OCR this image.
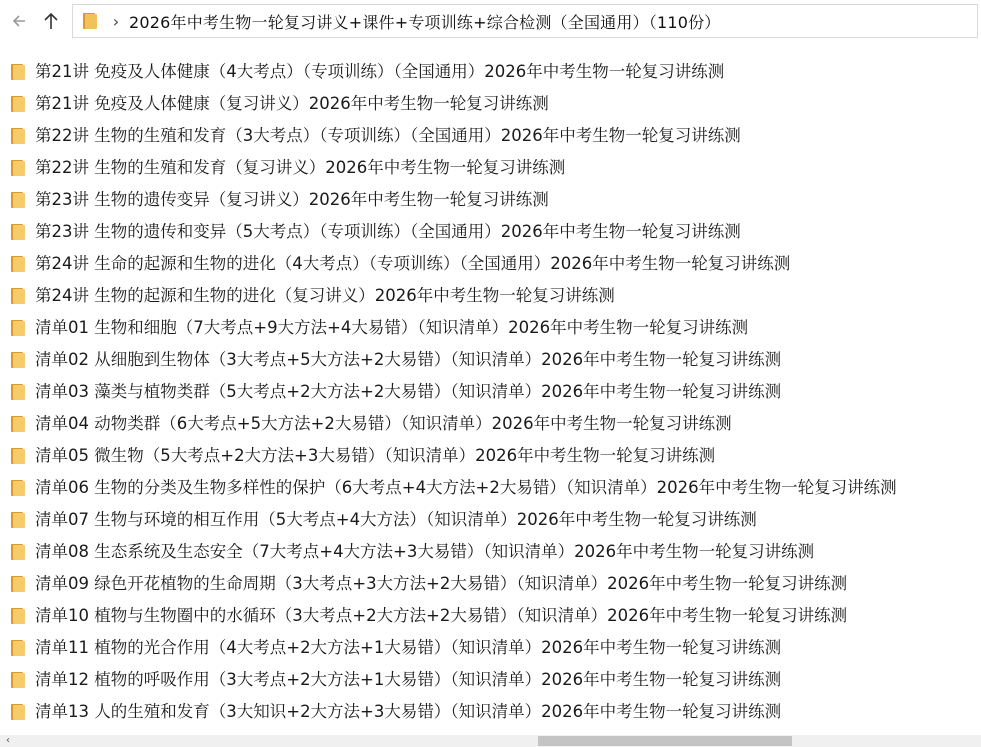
› 2026年中考生物一轮复习讲义+课件+专项训练+综合检测（全国通用）（110份）
第21讲 免疫及人体健康（4大考点）（专项训练）（全国通用）2026年中考生物一轮复习讲练测
第21讲 免疫及人体健康（复习讲义）2026年中考生物一轮复习讲练测
第22讲 生物的生殖和发育（3大考点）（专项训练）（全国通用）2026年中考生物一轮复习讲练测
第22讲 生物的生殖和发育（复习讲义）2026年中考生物一轮复习讲练测
第23讲 生物的遗传变异（复习讲义）2026年中考生物一轮复习讲练测
第23讲 生物的遗传和变异（5大考点）（专项训练）（全国通用）2026年中考生物一轮复习讲练测
第24讲 生命的起源和生物的进化（4大考点）（专项训练）（全国通用）2026年中考生物一轮复习讲练测
第24讲 生物的起源和生物的进化（复习讲义）2026年中考生物一轮复习讲练测
清单01 生物和细胞（7大考点+9大方法+4大易错）（知识清单）2026年中考生物一轮复习讲练测
清单02 从细胞到生物体（3大考点+5大方法+2大易错）（知识清单）2026年中考生物一轮复习讲练测
清单03 藻类与植物类群（5大考点+2大方法+2大易错）（知识清单）2026年中考生物一轮复习讲练测
清单04 动物类群（6大考点+5大方法+2大易错）（知识清单）2026年中考生物一轮复习讲练测
清单05 微生物（5大考点+2大方法+3大易错）（知识清单）2026年中考生物一轮复习讲练测
清单06 生物的分类及生物多样性的保护（6大考点+4大方法+2大易错）（知识清单）2026年中考生物一轮复习讲练测
清单07 生物与环境的相互作用（5大考点+4大方法）（知识清单）2026年中考生物一轮复习讲练测
清单08 生态系统及生态安全（7大考点+4大方法+3大易错）（知识清单）2026年中考生物一轮复习讲练测
清单09 绿色开花植物的生命周期（3大考点+3大方法+2大易错）（知识清单）2026年中考生物一轮复习讲练测
清单10 植物与生物圈中的水循环（3大考点+2大方法+2大易错）（知识清单）2026年中考生物一轮复习讲练测
清单11 植物的光合作用（4大考点+2大方法+1大易错）（知识清单）2026年中考生物一轮复习讲练测
清单12 植物的呼吸作用（3大考点+2大方法+1大易错）（知识清单）2026年中考生物一轮复习讲练测
清单13 人的生殖和发育（3大知识+2大方法+3大易错）（知识清单）2026年中考生物一轮复习讲练测
‹
